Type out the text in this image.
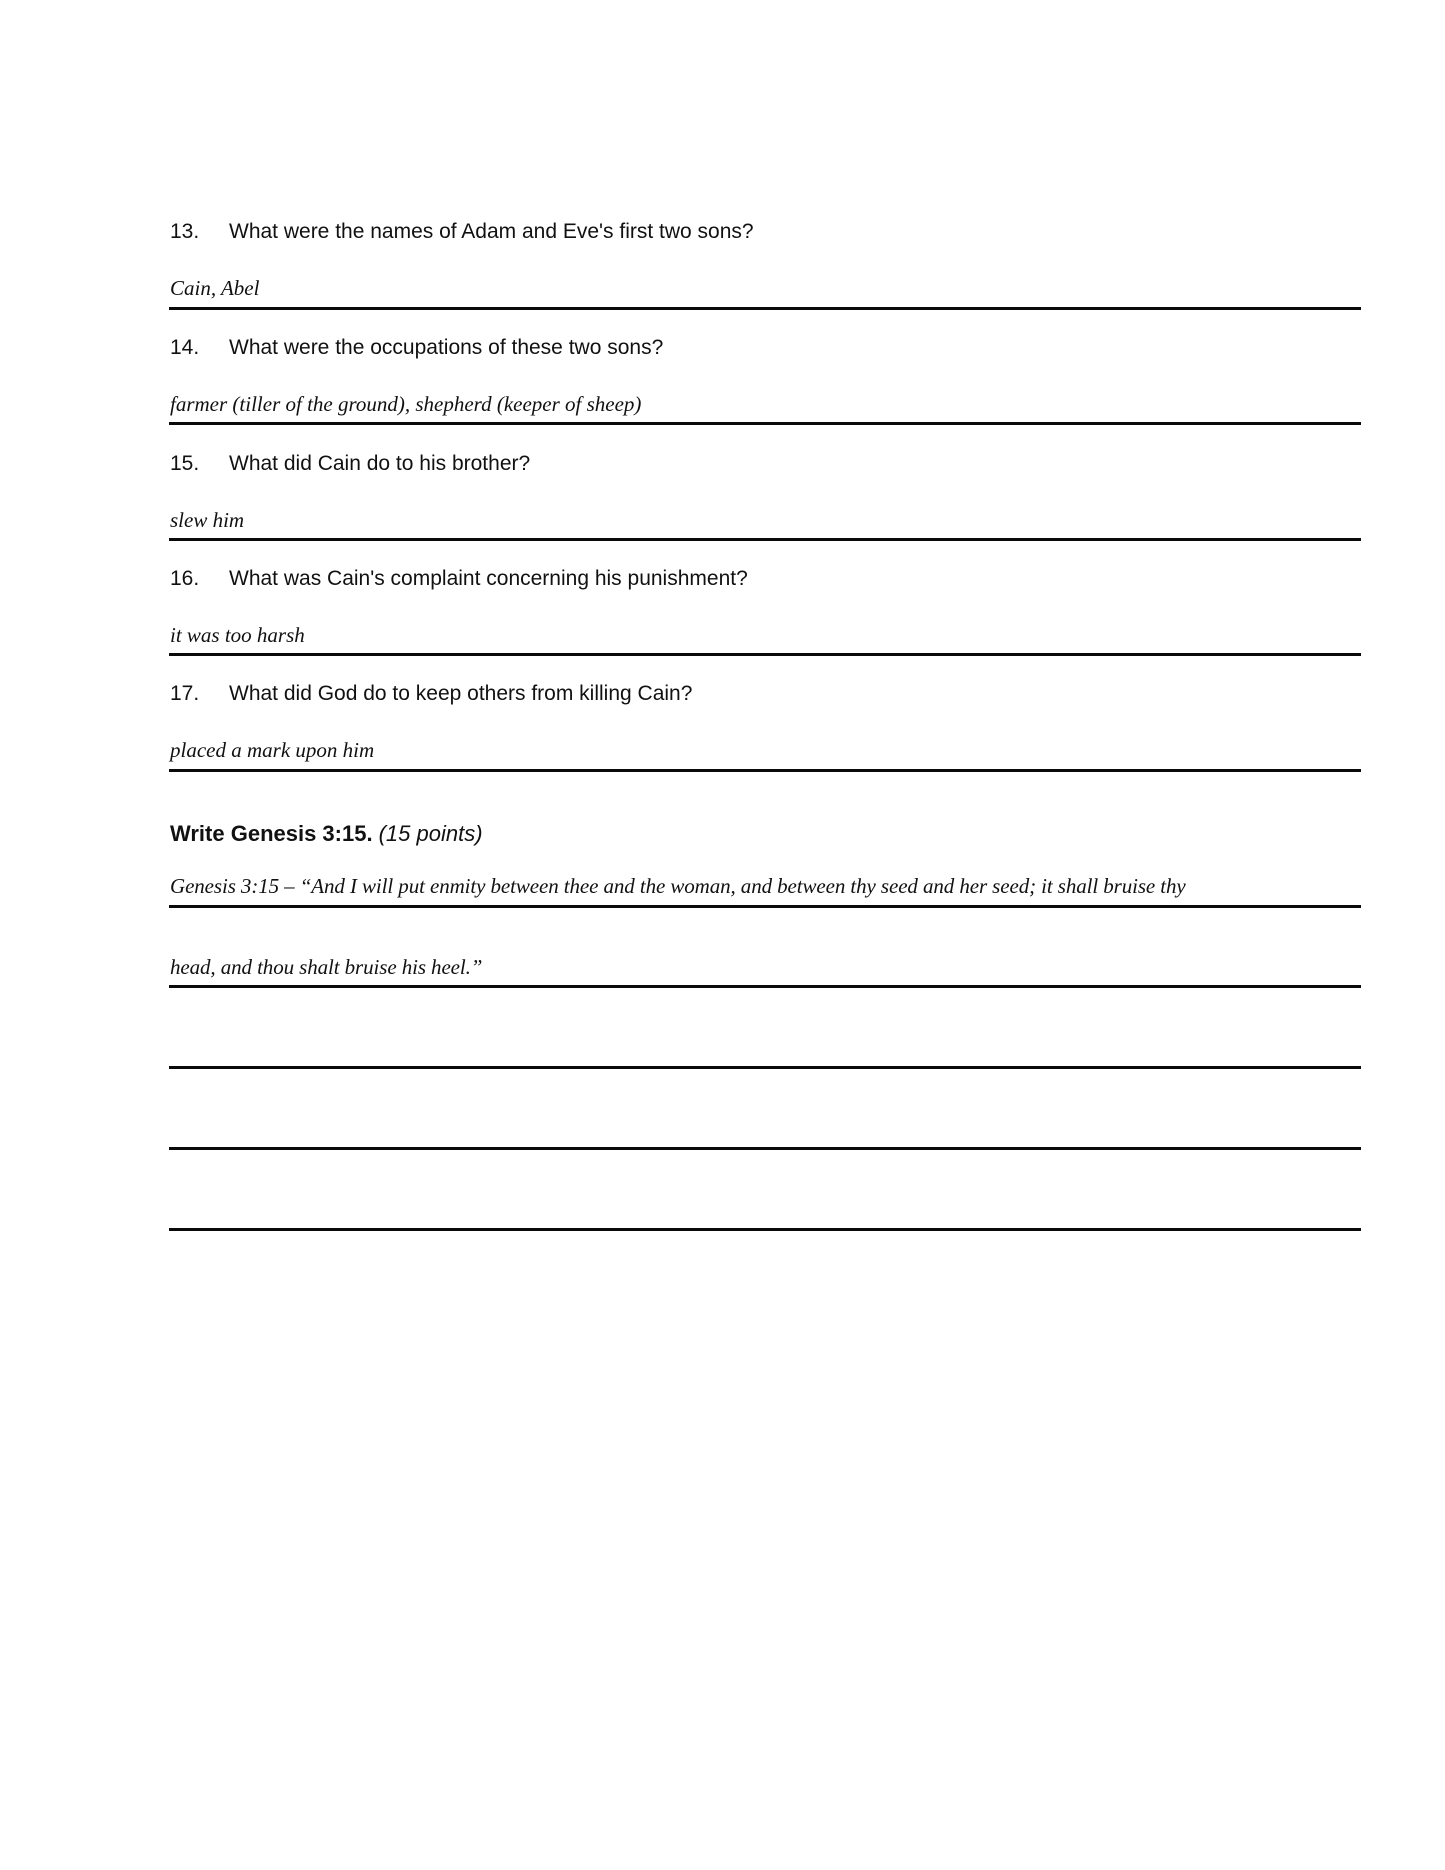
13. What were the names of Adam and Eve's first two sons?
Cain, Abel
14. What were the occupations of these two sons?
farmer (tiller of the ground), shepherd (keeper of sheep)
15. What did Cain do to his brother?
slew him
16. What was Cain's complaint concerning his punishment?
it was too harsh
17. What did God do to keep others from killing Cain?
placed a mark upon him
Write Genesis 3:15. (15 points)
Genesis 3:15 – “And I will put enmity between thee and the woman, and between thy seed and her seed; it shall bruise thy
head, and thou shalt bruise his heel.”
